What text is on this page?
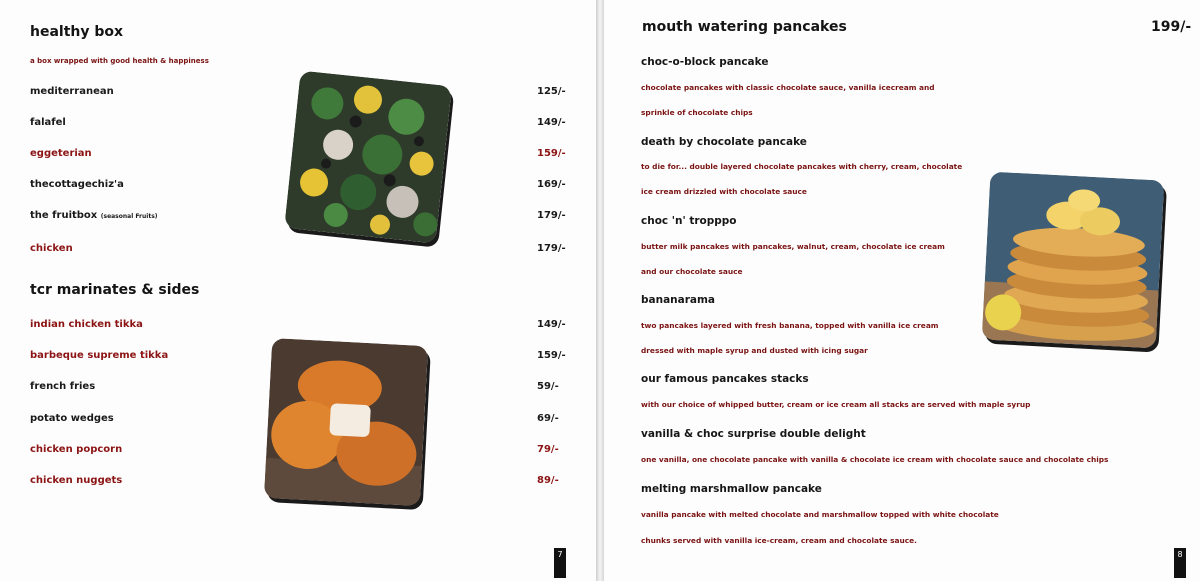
healthy box
a box wrapped with good health & happiness
mediterranean	125/-
falafel	149/-
eggeterian	159/-
thecottagechiz'a	169/-
the fruitbox (seasonal Fruits)	179/-
chicken	179/-
tcr marinates & sides
indian chicken tikka	149/-
barbeque supreme tikka	159/-
french fries	59/-
potato wedges	69/-
chicken popcorn	79/-
chicken nuggets	89/-
7
mouth watering pancakes	199/-
choc-o-block pancake
chocolate pancakes with classic chocolate sauce, vanilla icecream and
sprinkle of chocolate chips
death by chocolate pancake
to die for... double layered chocolate pancakes with cherry, cream, chocolate
ice cream drizzled with chocolate sauce
choc 'n' tropppo
butter milk pancakes with pancakes, walnut, cream, chocolate ice cream
and our chocolate sauce
bananarama
two pancakes layered with fresh banana, topped with vanilla ice cream
dressed with maple syrup and dusted with icing sugar
our famous pancakes stacks
with our choice of whipped butter, cream or ice cream all stacks are served with maple syrup
vanilla & choc surprise double delight
one vanilla, one chocolate pancake with vanilla & chocolate ice cream with chocolate sauce and chocolate chips
melting marshmallow pancake
vanilla pancake with melted chocolate and marshmallow topped with white chocolate
chunks served with vanilla ice-cream, cream and chocolate sauce.
8
